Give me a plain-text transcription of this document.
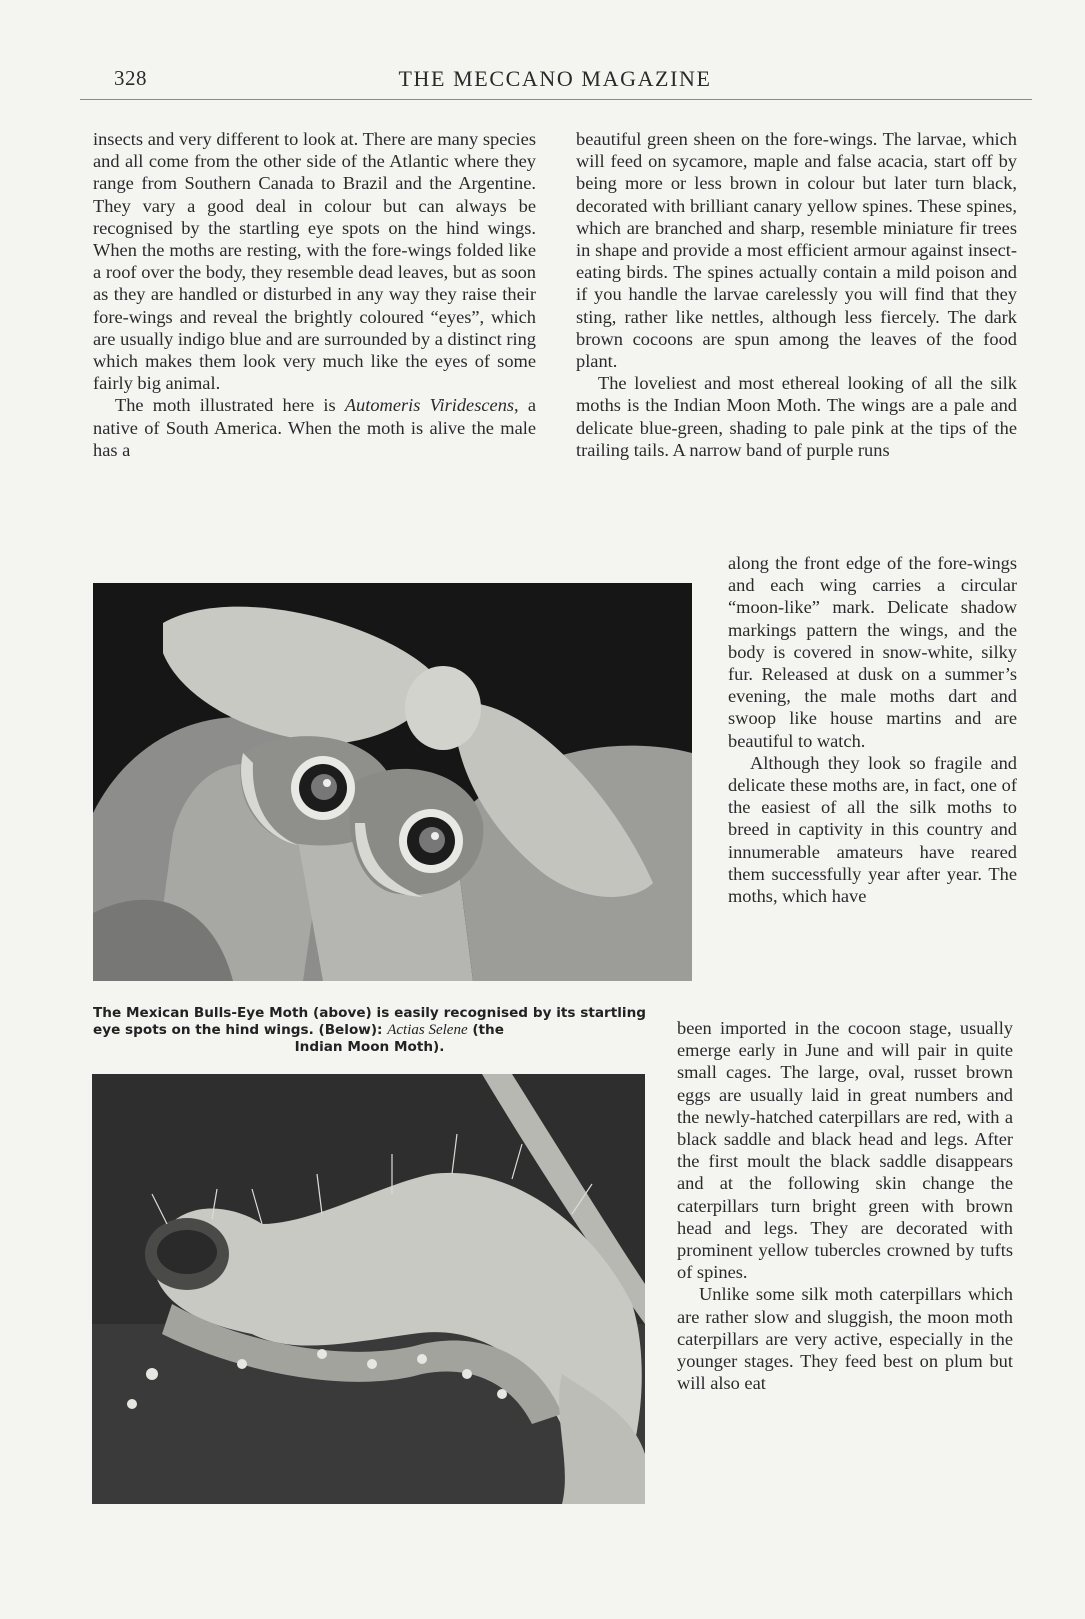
328	THE MECCANO MAGAZINE

insects and very different to look at. There are many species and all come from the other side of the Atlantic where they range from Southern Canada to Brazil and the Argentine. They vary a good deal in colour but can always be recognised by the startling eye spots on the hind wings. When the moths are resting, with the fore-wings folded like a roof over the body, they resemble dead leaves, but as soon as they are handled or disturbed in any way they raise their fore-wings and reveal the brightly coloured “eyes”, which are usually indigo blue and are surrounded by a distinct ring which makes them look very much like the eyes of some fairly big animal.

The moth illustrated here is Automeris Viridescens, a native of South America. When the moth is alive the male has a

beautiful green sheen on the fore-wings. The larvae, which will feed on sycamore, maple and false acacia, start off by being more or less brown in colour but later turn black, decorated with brilliant canary yellow spines. These spines, which are branched and sharp, resemble miniature fir trees in shape and provide a most efficient armour against insect-eating birds. The spines actually contain a mild poison and if you handle the larvae carelessly you will find that they sting, rather like nettles, although less fiercely. The dark brown cocoons are spun among the leaves of the food plant.

The loveliest and most ethereal looking of all the silk moths is the Indian Moon Moth. The wings are a pale and delicate blue-green, shading to pale pink at the tips of the trailing tails. A narrow band of purple runs

along the front edge of the fore-wings and each wing carries a circular “moon-like” mark. Delicate shadow markings pattern the wings, and the body is covered in snow-white, silky fur. Released at dusk on a summer’s evening, the male moths dart and swoop like house martins and are beautiful to watch.

Although they look so fragile and delicate these moths are, in fact, one of the easiest of all the silk moths to breed in captivity in this country and innumerable amateurs have reared them successfully year after year. The moths, which have

been imported in the cocoon stage, usually emerge early in June and will pair in quite small cages. The large, oval, russet brown eggs are usually laid in great numbers and the newly-hatched caterpillars are red, with a black saddle and black head and legs. After the first moult the black saddle disappears and at the following skin change the caterpillars turn bright green with brown head and legs. They are decorated with prominent yellow tubercles crowned by tufts of spines.

Unlike some silk moth caterpillars which are rather slow and sluggish, the moon moth caterpillars are very active, especially in the younger stages. They feed best on plum but will also eat

The Mexican Bulls-Eye Moth (above) is easily recognised by its startling eye spots on the hind wings. (Below): Actias Selene (the
Indian Moon Moth).
